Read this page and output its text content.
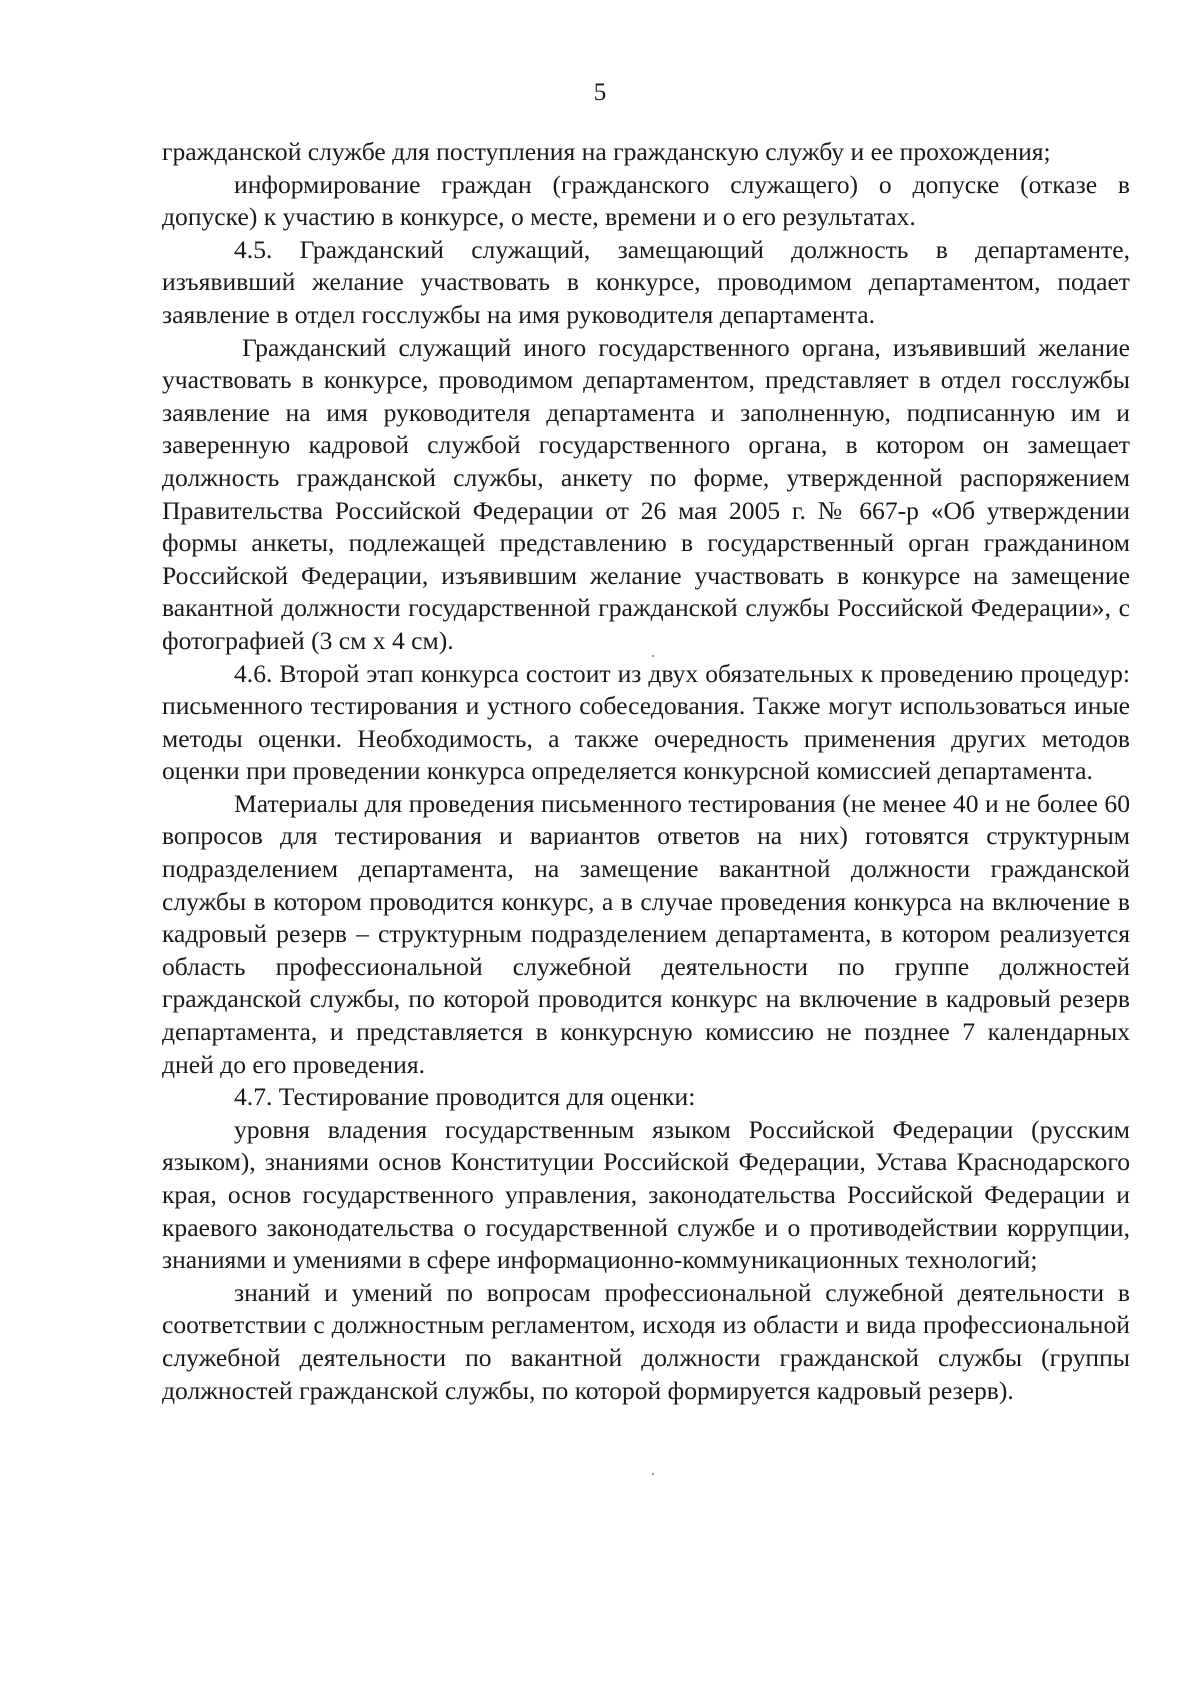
5

гражданской службе для поступления на гражданскую службу и ее прохождения;

информирование граждан (гражданского служащего) о допуске (отказе в допуске) к участию в конкурсе, о месте, времени и о его результатах.

4.5. Гражданский служащий, замещающий должность в департаменте, изъявивший желание участвовать в конкурсе, проводимом департаментом, подает заявление в отдел госслужбы на имя руководителя департамента.

Гражданский служащий иного государственного органа, изъявивший желание участвовать в конкурсе, проводимом департаментом, представляет в отдел госслужбы заявление на имя руководителя департамента и заполненную, подписанную им и заверенную кадровой службой государственного органа, в котором он замещает должность гражданской службы, анкету по форме, утвержденной распоряжением Правительства Российской Федерации от 26 мая 2005 г. № 667-р «Об утверждении формы анкеты, подлежащей представлению в государственный орган гражданином Российской Федерации, изъявившим желание участвовать в конкурсе на замещение вакантной должности государственной гражданской службы Российской Федерации», с фотографией (3 см х 4 см).

4.6. Второй этап конкурса состоит из двух обязательных к проведению процедур: письменного тестирования и устного собеседования. Также могут использоваться иные методы оценки. Необходимость, а также очередность применения других методов оценки при проведении конкурса определяется конкурсной комиссией департамента.

Материалы для проведения письменного тестирования (не менее 40 и не более 60 вопросов для тестирования и вариантов ответов на них) готовятся структурным подразделением департамента, на замещение вакантной должности гражданской службы в котором проводится конкурс, а в случае проведения конкурса на включение в кадровый резерв – структурным подразделением департамента, в котором реализуется область профессиональной служебной деятельности по группе должностей гражданской службы, по которой проводится конкурс на включение в кадровый резерв департамента, и представляется в конкурсную комиссию не позднее 7 календарных дней до его проведения.

4.7. Тестирование проводится для оценки:

уровня владения государственным языком Российской Федерации (русским языком), знаниями основ Конституции Российской Федерации, Устава Краснодарского края, основ государственного управления, законодательства Российской Федерации и краевого законодательства о государственной службе и о противодействии коррупции, знаниями и умениями в сфере информационно-коммуникационных технологий;

знаний и умений по вопросам профессиональной служебной деятельности в соответствии с должностным регламентом, исходя из области и вида профессиональной служебной деятельности по вакантной должности гражданской службы (группы должностей гражданской службы, по которой формируется кадровый резерв).
